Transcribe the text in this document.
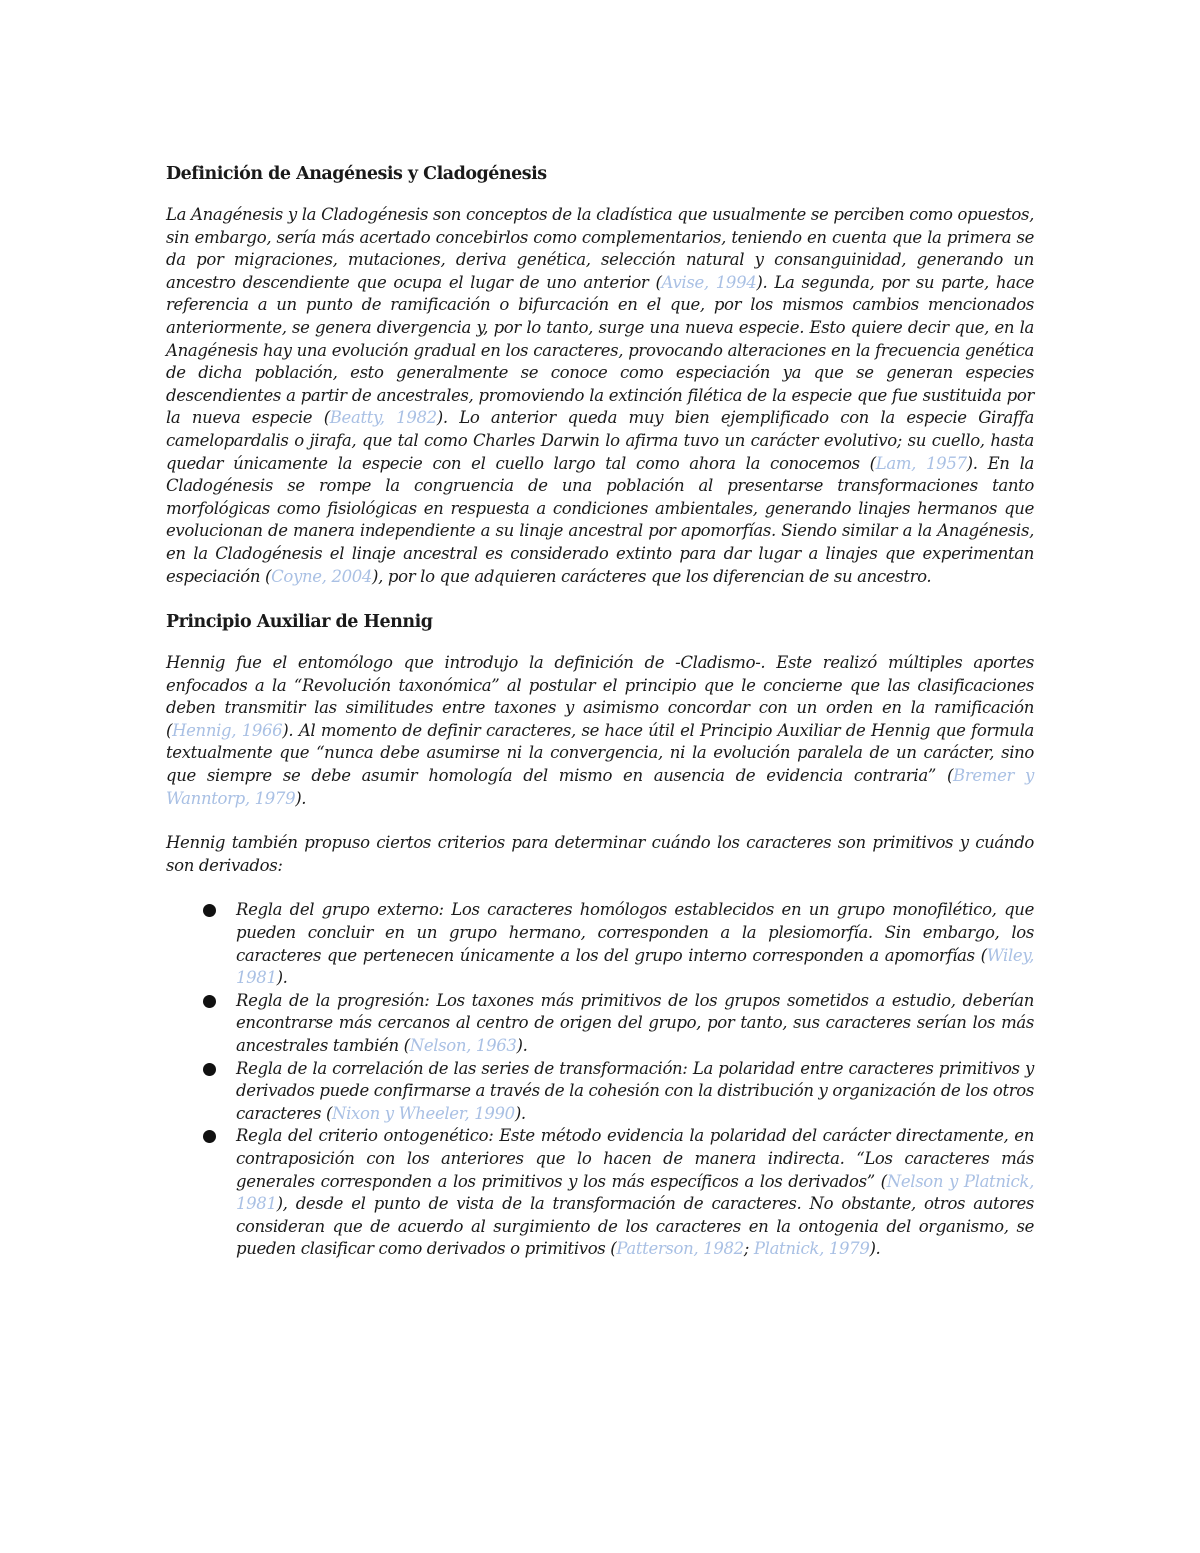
Definición de Anagénesis y Cladogénesis

La Anagénesis y la Cladogénesis son conceptos de la cladística que usualmente se perciben como opuestos, sin embargo, sería más acertado concebirlos como complementarios, teniendo en cuenta que la primera se da por migraciones, mutaciones, deriva genética, selección natural y consanguinidad, generando un ancestro descendiente que ocupa el lugar de uno anterior (Avise, 1994). La segunda, por su parte, hace referencia a un punto de ramificación o bifurcación en el que, por los mismos cambios mencionados anteriormente, se genera divergencia y, por lo tanto, surge una nueva especie. Esto quiere decir que, en la Anagénesis hay una evolución gradual en los caracteres, provocando alteraciones en la frecuencia genética de dicha población, esto generalmente se conoce como especiación ya que se generan especies descendientes a partir de ancestrales, promoviendo la extinción filética de la especie que fue sustituida por la nueva especie (Beatty, 1982). Lo anterior queda muy bien ejemplificado con la especie Giraffa camelopardalis o jirafa, que tal como Charles Darwin lo afirma tuvo un carácter evolutivo; su cuello, hasta quedar únicamente la especie con el cuello largo tal como ahora la conocemos (Lam, 1957). En la Cladogénesis se rompe la congruencia de una población al presentarse transformaciones tanto morfológicas como fisiológicas en respuesta a condiciones ambientales, generando linajes hermanos que evolucionan de manera independiente a su linaje ancestral por apomorfías. Siendo similar a la Anagénesis, en la Cladogénesis el linaje ancestral es considerado extinto para dar lugar a linajes que experimentan especiación (Coyne, 2004), por lo que adquieren carácteres que los diferencian de su ancestro.

Principio Auxiliar de Hennig

Hennig fue el entomólogo que introdujo la definición de -Cladismo-. Este realizó múltiples aportes enfocados a la “Revolución taxonómica” al postular el principio que le concierne que las clasificaciones deben transmitir las similitudes entre taxones y asimismo concordar con un orden en la ramificación (Hennig, 1966). Al momento de definir caracteres, se hace útil el Principio Auxiliar de Hennig que formula textualmente que “nunca debe asumirse ni la convergencia, ni la evolución paralela de un carácter, sino que siempre se debe asumir homología del mismo en ausencia de evidencia contraria” (Bremer y Wanntorp, 1979).

Hennig también propuso ciertos criterios para determinar cuándo los caracteres son primitivos y cuándo son derivados:

Regla del grupo externo: Los caracteres homólogos establecidos en un grupo monofilético, que pueden concluir en un grupo hermano, corresponden a la plesiomorfía. Sin embargo, los caracteres que pertenecen únicamente a los del grupo interno corresponden a apomorfías (Wiley, 1981).

Regla de la progresión: Los taxones más primitivos de los grupos sometidos a estudio, deberían encontrarse más cercanos al centro de origen del grupo, por tanto, sus caracteres serían los más ancestrales también (Nelson, 1963).

Regla de la correlación de las series de transformación: La polaridad entre caracteres primitivos y derivados puede confirmarse a través de la cohesión con la distribución y organización de los otros caracteres (Nixon y Wheeler, 1990).

Regla del criterio ontogenético: Este método evidencia la polaridad del carácter directamente, en contraposición con los anteriores que lo hacen de manera indirecta. “Los caracteres más generales corresponden a los primitivos y los más específicos a los derivados” (Nelson y Platnick, 1981), desde el punto de vista de la transformación de caracteres. No obstante, otros autores consideran que de acuerdo al surgimiento de los caracteres en la ontogenia del organismo, se pueden clasificar como derivados o primitivos (Patterson, 1982; Platnick, 1979).
